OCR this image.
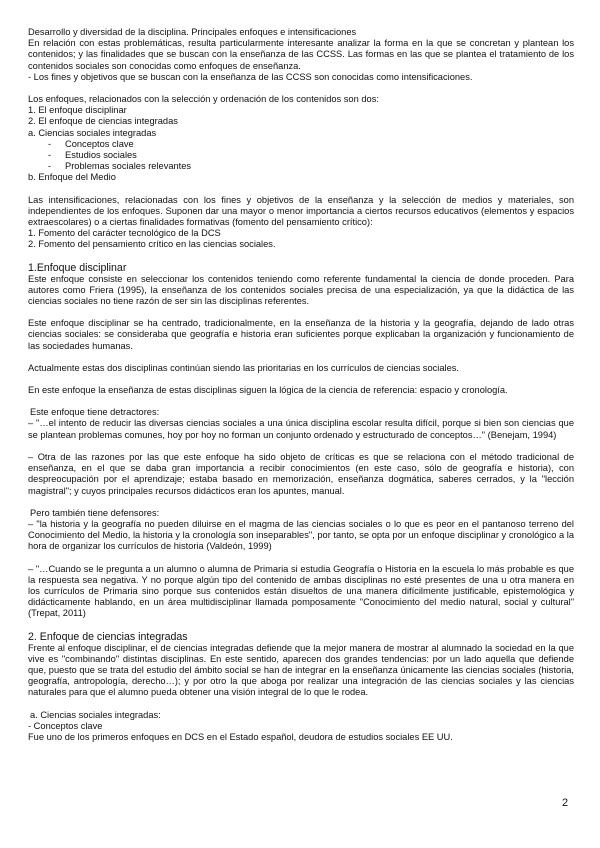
Desarrollo y diversidad de la disciplina. Principales enfoques e intensificaciones

En relación con estas problemáticas, resulta particularmente interesante analizar la forma en la que se concretan y plantean los contenidos; y las finalidades que se buscan con la enseñanza de las CCSS. Las formas en las que se plantea el tratamiento de los contenidos sociales son conocidas como enfoques de enseñanza.

- Los fines y objetivos que se buscan con la enseñanza de las CCSS son conocidas como intensificaciones.

Los enfoques, relacionados con la selección y ordenación de los contenidos son dos:

1. El enfoque disciplinar

2. El enfoque de ciencias integradas

a. Ciencias sociales integradas

-	Conceptos clave
-	Estudios sociales
-	Problemas sociales relevantes

b. Enfoque del Medio

Las intensificaciones, relacionadas con los fines y objetivos de la enseñanza y la selección de medios y materiales, son independientes de los enfoques. Suponen dar una mayor o menor importancia a ciertos recursos educativos (elementos y espacios extraescolares) o a ciertas finalidades formativas (fomento del pensamiento crítico):

1. Fomento del carácter tecnológico de la DCS

2. Fomento del pensamiento crítico en las ciencias sociales.

1.Enfoque disciplinar

Este enfoque consiste en seleccionar los contenidos teniendo como referente fundamental la ciencia de donde proceden. Para autores como Friera (1995), la enseñanza de los contenidos sociales precisa de una especialización, ya que la didáctica de las ciencias sociales no tiene razón de ser sin las disciplinas referentes.

Este enfoque disciplinar se ha centrado, tradicionalmente, en la enseñanza de la historia y la geografía, dejando de lado otras ciencias sociales: se consideraba que geografía e historia eran suficientes porque explicaban la organización y funcionamiento de las sociedades humanas.

Actualmente estas dos disciplinas continúan siendo las prioritarias en los currículos de ciencias sociales.

En este enfoque la enseñanza de estas disciplinas siguen la lógica de la ciencia de referencia: espacio y cronología.

Este enfoque tiene detractores:

– "…el intento de reducir las diversas ciencias sociales a una única disciplina escolar resulta difícil, porque si bien son ciencias que se plantean problemas comunes, hoy por hoy no forman un conjunto ordenado y estructurado de conceptos…" (Benejam, 1994)

– Otra de las razones por las que este enfoque ha sido objeto de críticas es que se relaciona con el método tradicional de enseñanza, en el que se daba gran importancia a recibir conocimientos (en este caso, sólo de geografía e historia), con despreocupación por el aprendizaje; estaba basado en memorización, enseñanza dogmática, saberes cerrados, y la "lección magistral"; y cuyos principales recursos didácticos eran los apuntes, manual.

Pero también tiene defensores:

– "la historia y la geografía no pueden diluirse en el magma de las ciencias sociales o lo que es peor en el pantanoso terreno del Conocimiento del Medio, la historia y la cronología son inseparables", por tanto, se opta por un enfoque disciplinar y cronológico a la hora de organizar los currículos de historia (Valdeón, 1999)

– "…Cuando se le pregunta a un alumno o alumna de Primaria si estudia Geografía o Historia en la escuela lo más probable es que la respuesta sea negativa. Y no porque algún tipo del contenido de ambas disciplinas no esté presentes de una u otra manera en los currículos de Primaria sino porque sus contenidos están disueltos de una manera difícilmente justificable, epistemológica y didácticamente hablando, en un área multidisciplinar llamada pomposamente "Conocimiento del medio natural, social y cultural" (Trepat, 2011)

2. Enfoque de ciencias integradas

Frente al enfoque disciplinar, el de ciencias integradas defiende que la mejor manera de mostrar al alumnado la sociedad en la que vive es "combinando" distintas disciplinas. En este sentido, aparecen dos grandes tendencias: por un lado aquella que defiende que, puesto que se trata del estudio del ámbito social se han de integrar en la enseñanza únicamente las ciencias sociales (historia, geografía, antropología, derecho…); y por otro la que aboga por realizar una integración de las ciencias sociales y las ciencias naturales para que el alumno pueda obtener una visión integral de lo que le rodea.

a. Ciencias sociales integradas:

- Conceptos clave

Fue uno de los primeros enfoques en DCS en el Estado español, deudora de estudios sociales EE UU.

2
